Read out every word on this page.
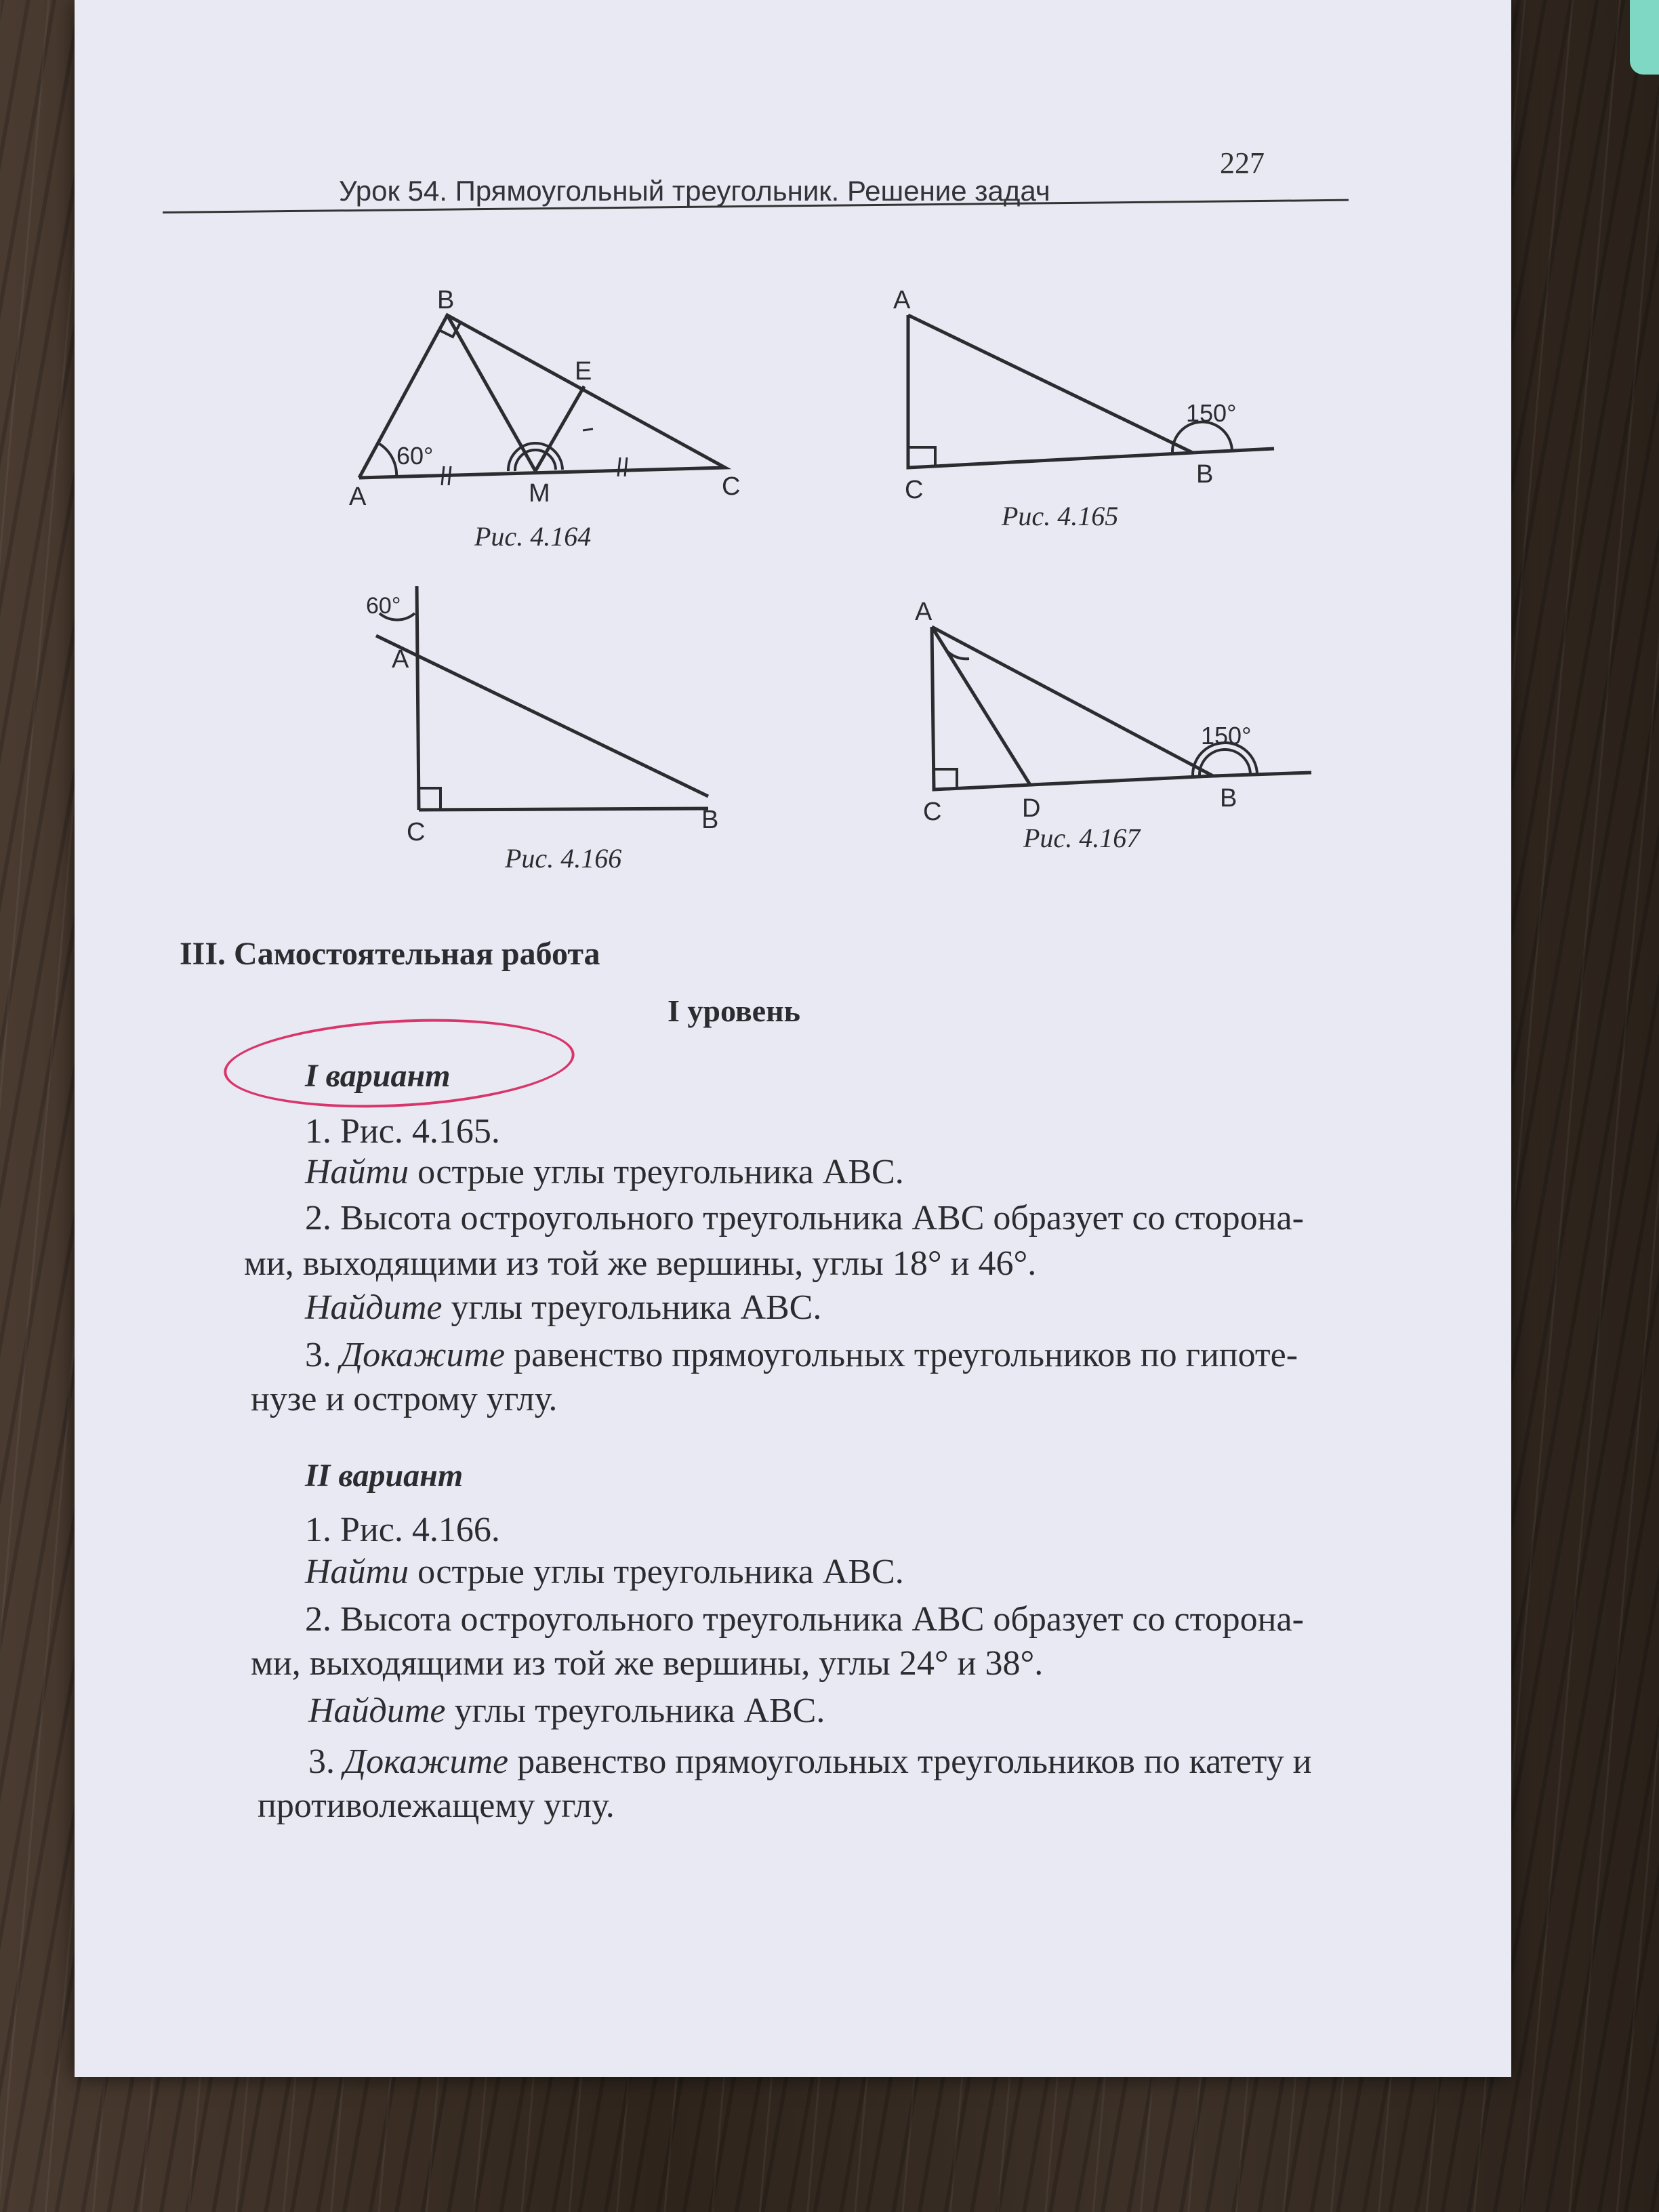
227
Урок 54. Прямоугольный треугольник. Решение задач
B
A	C
M
E
60°
Рис. 4.164
A
C
B
150°
Рис. 4.165
A
C	B
60°
Рис. 4.166
A
C	D	B
150°
Рис. 4.167
III. Самостоятельная работа
I уровень
I вариант
1. Рис. 4.165.
Найти острые углы треугольника ABC.
2. Высота остроугольного треугольника ABC образует со сторона-
ми, выходящими из той же вершины, углы 18° и 46°.
Найдите углы треугольника ABC.
3. Докажите равенство прямоугольных треугольников по гипоте-
нузе и острому углу.
II вариант
1. Рис. 4.166.
Найти острые углы треугольника ABC.
2. Высота остроугольного треугольника ABC образует со сторона-
ми, выходящими из той же вершины, углы 24° и 38°.
Найдите углы треугольника ABC.
3. Докажите равенство прямоугольных треугольников по катету и
противолежащему углу.
